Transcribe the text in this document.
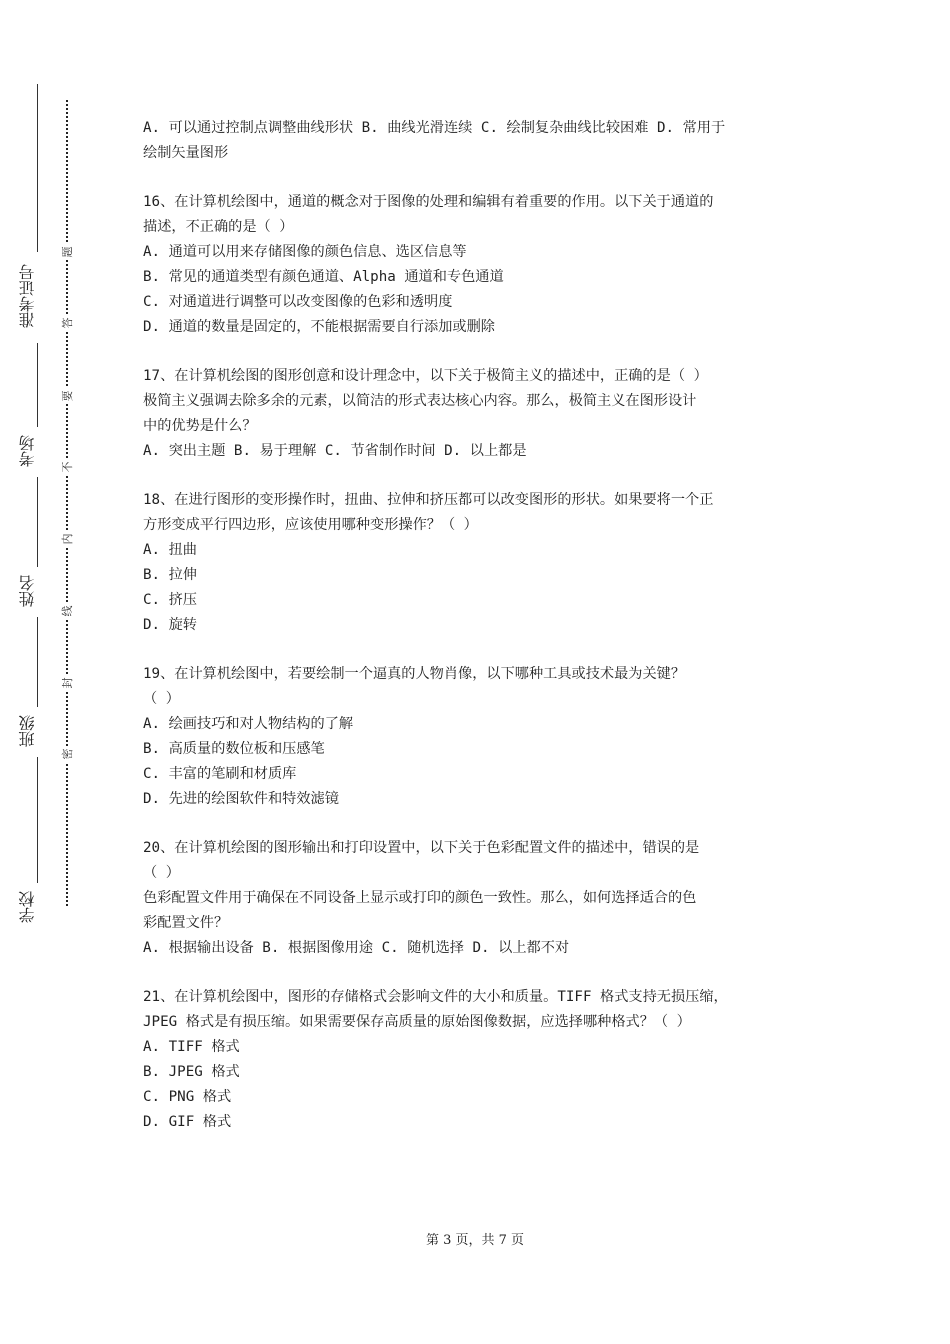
准考证号
考场
姓名
班级
学校
题
答
要
不
内
线
封
密
A. 可以通过控制点调整曲线形状 B. 曲线光滑连续 C. 绘制复杂曲线比较困难 D. 常用于
绘制矢量图形
16、在计算机绘图中，通道的概念对于图像的处理和编辑有着重要的作用。以下关于通道的
描述，不正确的是（ ）
A. 通道可以用来存储图像的颜色信息、选区信息等
B. 常见的通道类型有颜色通道、Alpha 通道和专色通道
C. 对通道进行调整可以改变图像的色彩和透明度
D. 通道的数量是固定的，不能根据需要自行添加或删除
17、在计算机绘图的图形创意和设计理念中，以下关于极简主义的描述中，正确的是（ ）
极简主义强调去除多余的元素，以简洁的形式表达核心内容。那么，极简主义在图形设计
中的优势是什么？
A. 突出主题 B. 易于理解 C. 节省制作时间 D. 以上都是
18、在进行图形的变形操作时，扭曲、拉伸和挤压都可以改变图形的形状。如果要将一个正
方形变成平行四边形，应该使用哪种变形操作？（ ）
A. 扭曲
B. 拉伸
C. 挤压
D. 旋转
19、在计算机绘图中，若要绘制一个逼真的人物肖像，以下哪种工具或技术最为关键？
（ ）
A. 绘画技巧和对人物结构的了解
B. 高质量的数位板和压感笔
C. 丰富的笔刷和材质库
D. 先进的绘图软件和特效滤镜
20、在计算机绘图的图形输出和打印设置中，以下关于色彩配置文件的描述中，错误的是
（ ）
色彩配置文件用于确保在不同设备上显示或打印的颜色一致性。那么，如何选择适合的色
彩配置文件？
A. 根据输出设备 B. 根据图像用途 C. 随机选择 D. 以上都不对
21、在计算机绘图中，图形的存储格式会影响文件的大小和质量。TIFF 格式支持无损压缩，
JPEG 格式是有损压缩。如果需要保存高质量的原始图像数据，应选择哪种格式？（ ）
A. TIFF 格式
B. JPEG 格式
C. PNG 格式
D. GIF 格式
第 3 页，共 7 页
